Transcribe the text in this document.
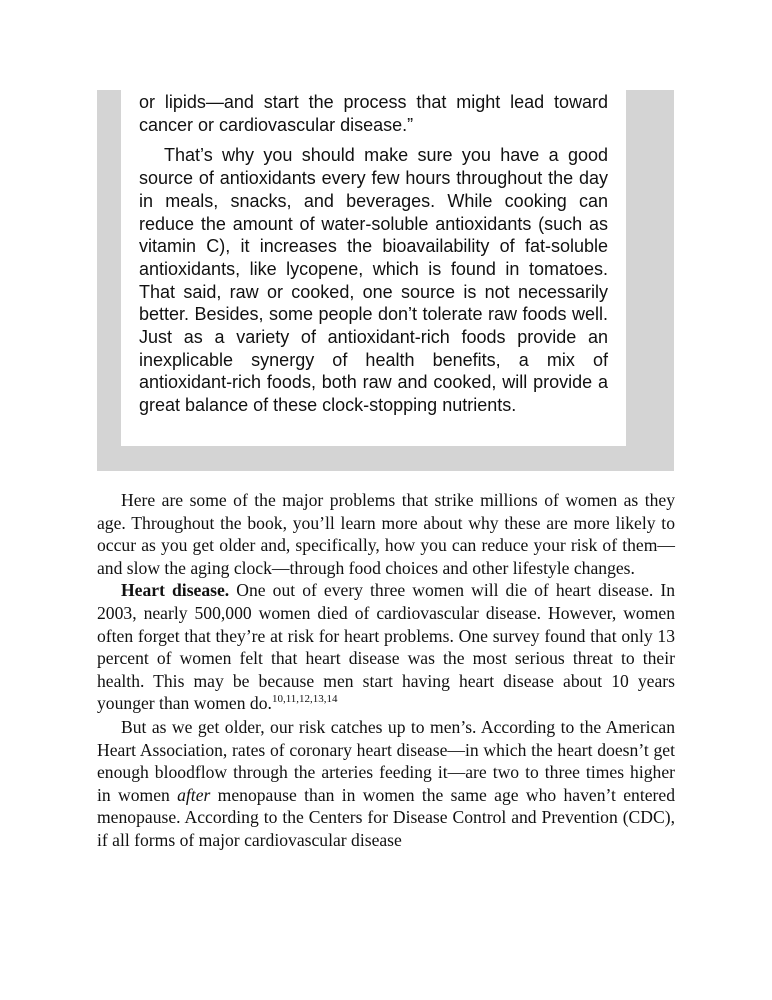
or lipids—and start the process that might lead toward cancer or cardiovascular disease.”

That’s why you should make sure you have a good source of antioxidants every few hours throughout the day in meals, snacks, and beverages. While cooking can reduce the amount of water-soluble antioxidants (such as vitamin C), it increases the bioavailability of fat-soluble antioxidants, like lycopene, which is found in tomatoes. That said, raw or cooked, one source is not necessarily better. Besides, some people don’t tolerate raw foods well. Just as a variety of antioxidant-rich foods provide an inexplicable synergy of health benefits, a mix of antioxidant-rich foods, both raw and cooked, will provide a great balance of these clock-stopping nutrients.

Here are some of the major problems that strike millions of women as they age. Throughout the book, you’ll learn more about why these are more likely to occur as you get older and, specifically, how you can reduce your risk of them—and slow the aging clock—through food choices and other lifestyle changes.

Heart disease. One out of every three women will die of heart disease. In 2003, nearly 500,000 women died of cardiovascular disease. However, women often forget that they’re at risk for heart problems. One survey found that only 13 percent of women felt that heart disease was the most serious threat to their health. This may be because men start having heart disease about 10 years younger than women do.$^{10,11,12,13,14}$

But as we get older, our risk catches up to men’s. According to the American Heart Association, rates of coronary heart disease—in which the heart doesn’t get enough bloodflow through the arteries feeding it—are two to three times higher in women after menopause than in women the same age who haven’t entered menopause. According to the Centers for Disease Control and Prevention (CDC), if all forms of major cardiovascular disease
